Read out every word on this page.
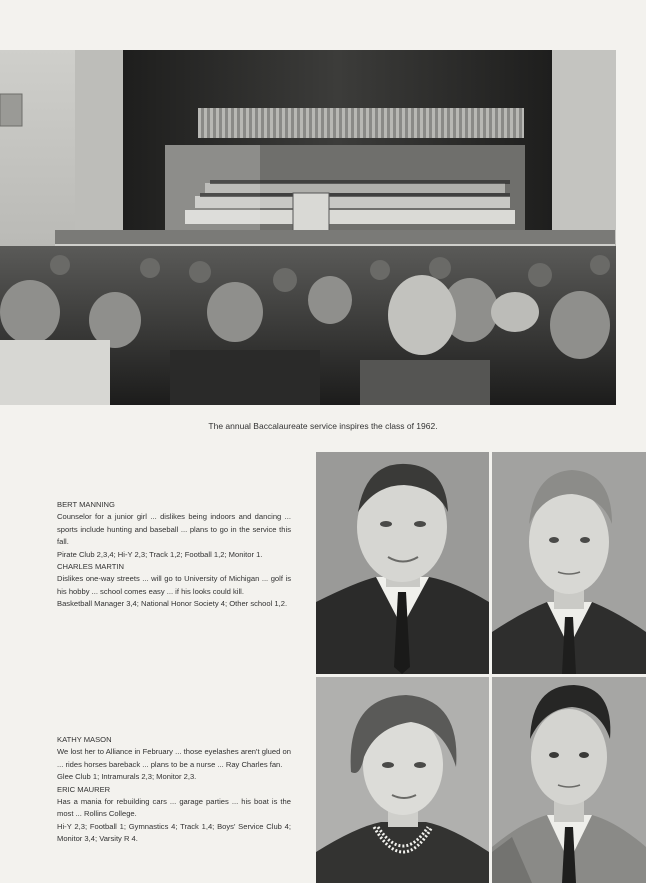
The annual Baccalaureate service inspires the class of 1962.

BERT MANNING

Counselor for a junior girl ... dislikes being indoors and dancing ... sports include hunting and baseball ... plans to go in the service this fall.

Pirate Club 2,3,4; Hi-Y 2,3; Track 1,2; Football 1,2; Monitor 1.

CHARLES MARTIN

Dislikes one-way streets ... will go to University of Michigan ... golf is his hobby ... school comes easy ... if his looks could kill.

Basketball Manager 3,4; National Honor Society 4; Other school 1,2.

KATHY MASON

We lost her to Alliance in February ... those eyelashes aren't glued on ... rides horses bareback ... plans to be a nurse ... Ray Charles fan.

Glee Club 1; Intramurals 2,3; Monitor 2,3.

ERIC MAURER

Has a mania for rebuilding cars ... garage parties ... his boat is the most ... Rollins College.

Hi-Y 2,3; Football 1; Gymnastics 4; Track 1,4; Boys' Service Club 4; Monitor 3,4; Varsity R 4.
